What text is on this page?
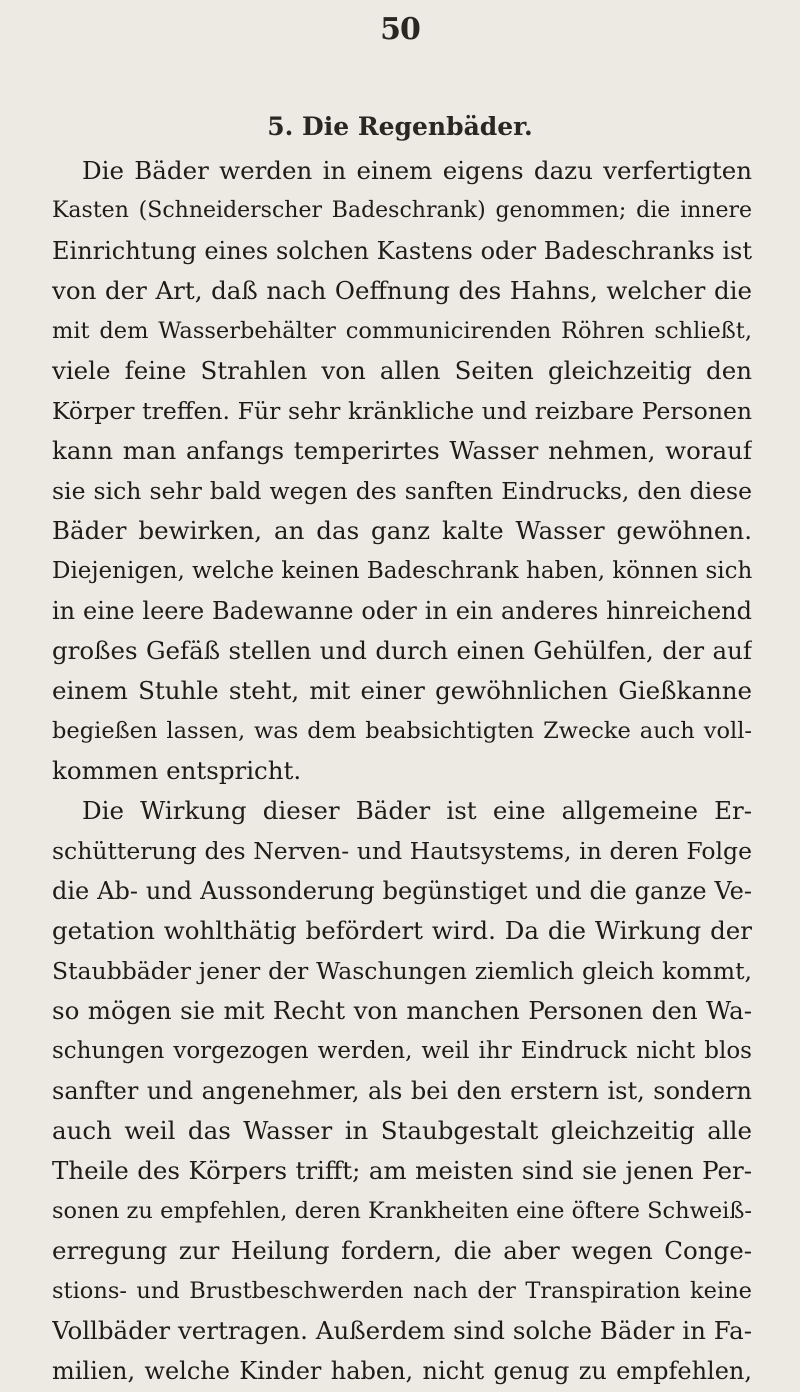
50
5. Die Regenbäder.
Die Bäder werden in einem eigens dazu verfertigten
Kasten (Schneiderscher Badeschrank) genommen; die innere
Einrichtung eines solchen Kastens oder Badeschranks ist
von der Art, daß nach Oeffnung des Hahns, welcher die
mit dem Wasserbehälter communicirenden Röhren schließt,
viele feine Strahlen von allen Seiten gleichzeitig den
Körper treffen. Für sehr kränkliche und reizbare Personen
kann man anfangs temperirtes Wasser nehmen, worauf
sie sich sehr bald wegen des sanften Eindrucks, den diese
Bäder bewirken, an das ganz kalte Wasser gewöhnen.
Diejenigen, welche keinen Badeschrank haben, können sich
in eine leere Badewanne oder in ein anderes hinreichend
großes Gefäß stellen und durch einen Gehülfen, der auf
einem Stuhle steht, mit einer gewöhnlichen Gießkanne
begießen lassen, was dem beabsichtigten Zwecke auch voll-
kommen entspricht.
Die Wirkung dieser Bäder ist eine allgemeine Er-
schütterung des Nerven- und Hautsystems, in deren Folge
die Ab- und Aussonderung begünstiget und die ganze Ve-
getation wohlthätig befördert wird. Da die Wirkung der
Staubbäder jener der Waschungen ziemlich gleich kommt,
so mögen sie mit Recht von manchen Personen den Wa-
schungen vorgezogen werden, weil ihr Eindruck nicht blos
sanfter und angenehmer, als bei den erstern ist, sondern
auch weil das Wasser in Staubgestalt gleichzeitig alle
Theile des Körpers trifft; am meisten sind sie jenen Per-
sonen zu empfehlen, deren Krankheiten eine öftere Schweiß-
erregung zur Heilung fordern, die aber wegen Conge-
stions- und Brustbeschwerden nach der Transpiration keine
Vollbäder vertragen. Außerdem sind solche Bäder in Fa-
milien, welche Kinder haben, nicht genug zu empfehlen,
